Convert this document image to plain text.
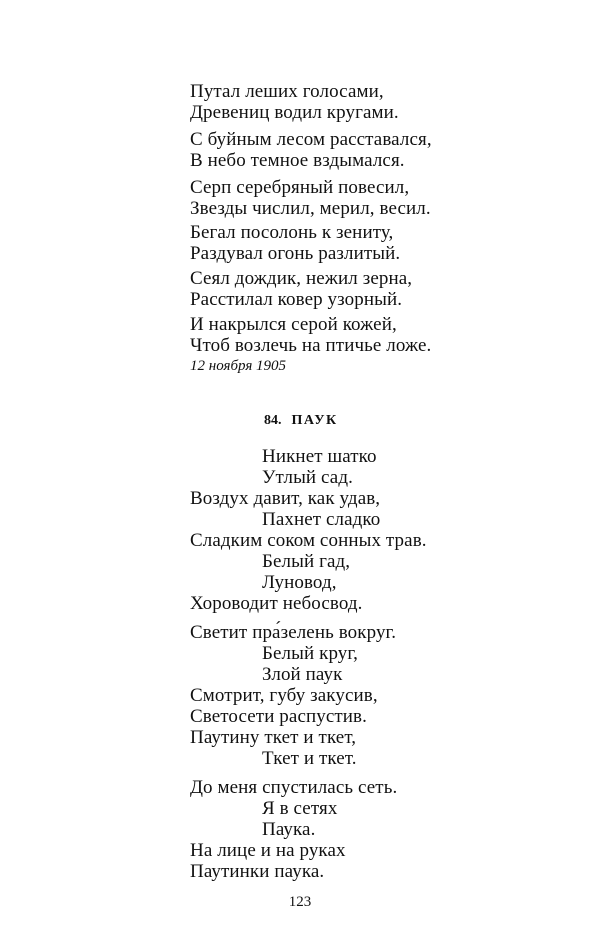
Путал леших голосами,
Древениц водил кругами.
С буйным лесом расставался,
В небо темное вздымался.
Серп серебряный повесил,
Звезды числил, мерил, весил.
Бегал посолонь к зениту,
Раздувал огонь разлитый.
Сеял дождик, нежил зерна,
Расстилал ковер узорный.
И накрылся серой кожей,
Чтоб возлечь на птичье ложе.
12 ноября 1905
84. ПАУК
Никнет шатко
Утлый сад.
Воздух давит, как удав,
Пахнет сладко
Сладким соком сонных трав.
Белый гад,
Луновод,
Хороводит небосвод.
Светит пра́зелень вокруг.
Белый круг,
Злой паук
Смотрит, губу закусив,
Светосети распустив.
Паутину ткет и ткет,
Ткет и ткет.
До меня спустилась сеть.
Я в сетях
Паука.
На лице и на руках
Паутинки паука.
123
